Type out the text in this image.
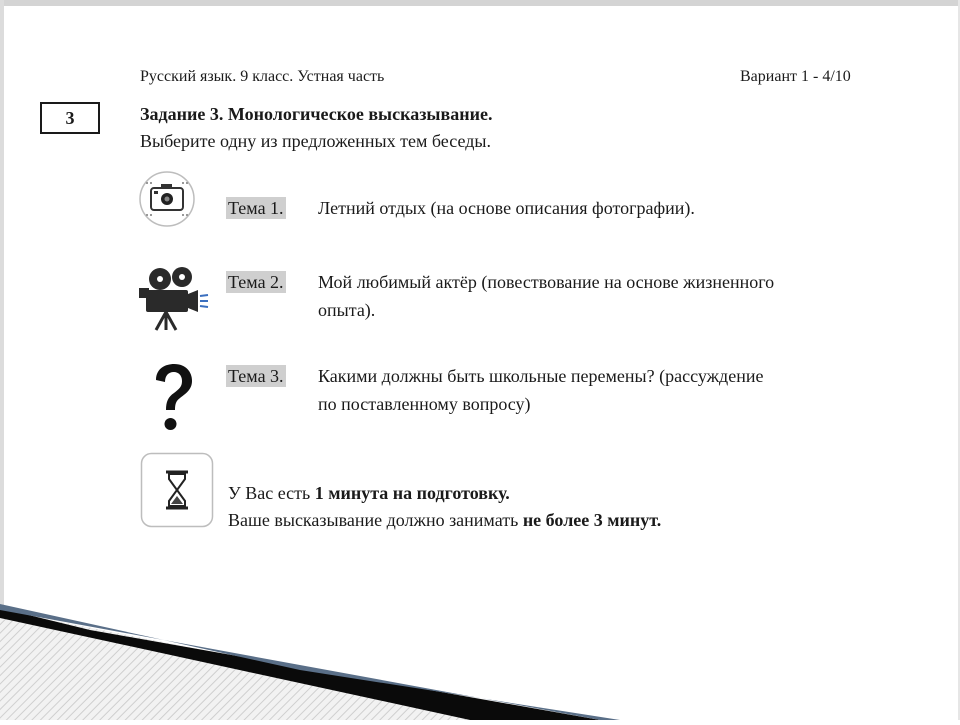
Русский язык. 9 класс. Устная часть	Вариант 1 - 4/10
3	Задание 3. Монологическое высказывание.
Выберите одну из предложенных тем беседы.
Тема 1. Летний отдых (на основе описания фотографии).
Тема 2. Мой любимый актёр (повествование на основе жизненного
опыта).
Тема 3. Какими должны быть школьные перемены? (рассуждение
по поставленному вопросу)
У Вас есть 1 минута на подготовку.
Ваше высказывание должно занимать не более 3 минут.
